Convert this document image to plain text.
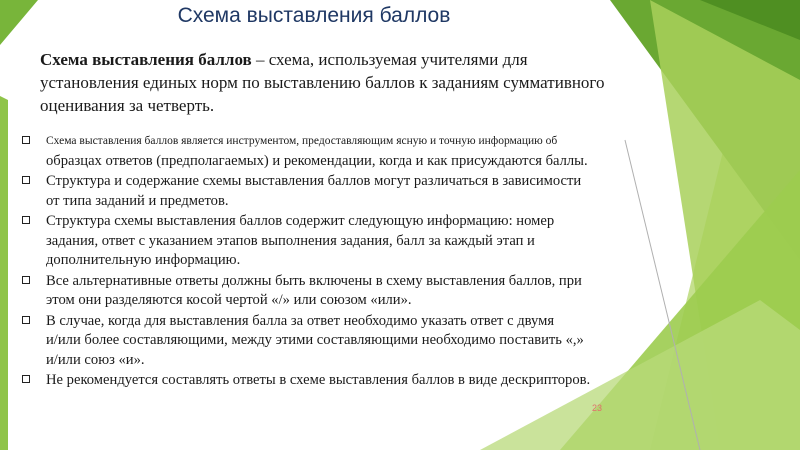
Схема выставления баллов
Схема выставления баллов – схема, используемая учителями для установления единых норм по выставлению баллов к заданиям суммативного оценивания за четверть.
Схема выставления баллов является инструментом, предоставляющим ясную и точную информацию об
образцах ответов (предполагаемых) и рекомендации, когда и как присуждаются баллы.
Структура и содержание схемы выставления баллов могут различаться в зависимости
от типа заданий и предметов.
Структура схемы выставления баллов содержит следующую информацию: номер
задания, ответ с указанием этапов выполнения задания, балл за каждый этап и
дополнительную информацию.
Все альтернативные ответы должны быть включены в схему выставления баллов, при
этом они разделяются косой чертой «/» или союзом «или».
В случае, когда для выставления балла за ответ необходимо указать ответ с двумя
и/или более составляющими, между этими составляющими необходимо поставить «,»
и/или союз «и».
Не рекомендуется составлять ответы в схеме выставления баллов в виде дескрипторов.
23
